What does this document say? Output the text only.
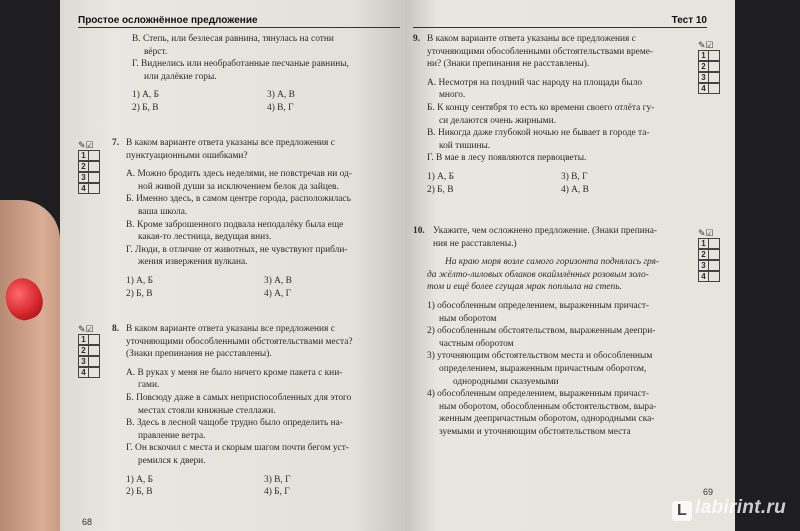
Простое осложнённое предложение
В. Степь, или безлесая равнина, тянулась на сотни
вёрст.
Г. Виднелись или необработанные песчаные равнины,
или далёкие горы.
1) А, Б	3) А, В
2) Б, В	4) В, Г
✎☑
1
2
3
4
7. В каком варианте ответа указаны все предложения с
пунктуационными ошибками?
А. Можно бродить здесь неделями, не повстречав ни од-
ной живой души за исключением белок да зайцев.
Б. Именно здесь, в самом центре города, расположилась
ваша школа.
В. Кроме заброшенного подвала неподалёку была еще
какая-то лестница, ведущая вниз.
Г. Люди, в отличие от животных, не чувствуют прибли-
жения извержения вулкана.
1) А, Б	3) А, В
2) Б, В	4) А, Г
✎☑
1
2
3
4
8. В каком варианте ответа указаны все предложения с
уточняющими обособленными обстоятельствами места?
(Знаки препинания не расставлены).
А. В руках у меня не было ничего кроме пакета с кни-
гами.
Б. Повсюду даже в самых неприспособленных для этого
местах стояли книжные стеллажи.
В. Здесь в лесной чащобе трудно было определить на-
правление ветра.
Г. Он вскочил с места и скорым шагом почти бегом уст-
ремился к двери.
1) А, Б	3) В, Г
2) Б, В	4) Б, Г
68
Тест 10
9. В каком варианте ответа указаны все предложения с
уточняющими обособленными обстоятельствами време-
ни? (Знаки препинания не расставлены).
А. Несмотря на поздний час народу на площади было
много.
Б. К концу сентября то есть ко времени своего отлёта гу-
си делаются очень жирными.
В. Никогда даже глубокой ночью не бывает в городе та-
кой тишины.
Г. В мае в лесу появляются первоцветы.
1) А, Б	3) В, Г
2) Б, В	4) А, В
✎☑
1
2
3
4
10. Укажите, чем осложнено предложение. (Знаки препина-
ния не расставлены.)
На краю моря возле самого горизонта поднялась гря-
да жёлто-лиловых облаков окаймлённых розовым золо-
том и ещё более сгущая мрак поплыла на степь.
1) обособленным определением, выраженным причаст-
ным оборотом
2) обособленным обстоятельством, выраженным деепри-
частным оборотом
3) уточняющим обстоятельством места и обособленным
определением, выраженным причастным оборотом,
однородными сказуемыми
4) обособленным определением, выраженным причаст-
ным оборотом, обособленным обстоятельством, выра-
женным деепричастным оборотом, однородными ска-
зуемыми и уточняющим обстоятельством места
✎☑
1
2
3
4
69
L labirint.ru
